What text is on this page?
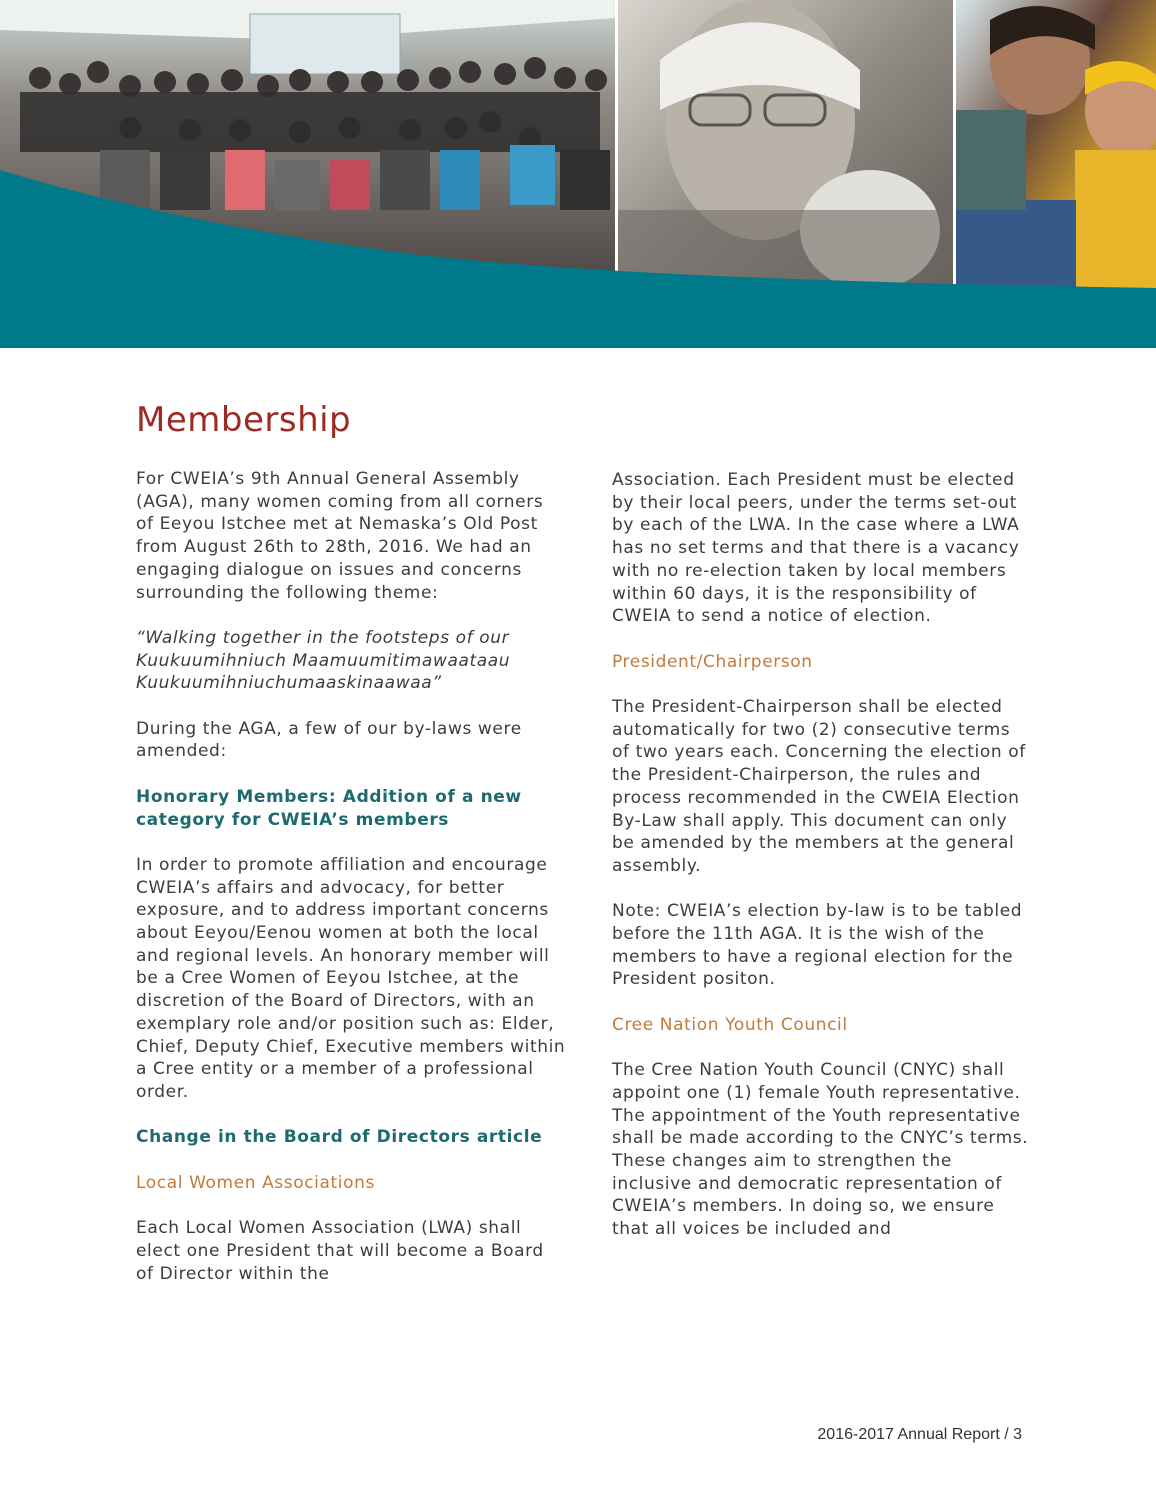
Membership

For CWEIA’s 9th Annual General Assembly (AGA), many women coming from all corners of Eeyou Istchee met at Nemaska’s Old Post from August 26th to 28th, 2016. We had an engaging dialogue on issues and concerns surrounding the following theme:

“Walking together in the footsteps of our Kuukuumihniuch Maamuumitimawaataau Kuukuumihniuchumaaskinaawaa”

During the AGA, a few of our by-laws were amended:

Honorary Members: Addition of a new category for CWEIA’s members

In order to promote affiliation and encourage CWEIA’s affairs and advocacy, for better exposure, and to address important concerns about Eeyou/Eenou women at both the local and regional levels. An honorary member will be a Cree Women of Eeyou Istchee, at the discretion of the Board of Directors, with an exemplary role and/or position such as: Elder, Chief, Deputy Chief, Executive members within a Cree entity or a member of a professional order.

Change in the Board of Directors article

Local Women Associations

Each Local Women Association (LWA) shall elect one President that will become a Board of Director within the

Association. Each President must be elected by their local peers, under the terms set-out by each of the LWA. In the case where a LWA has no set terms and that there is a vacancy with no re-election taken by local members within 60 days, it is the responsibility of CWEIA to send a notice of election.

President/Chairperson

The President-Chairperson shall be elected automatically for two (2) consecutive terms of two years each. Concerning the election of the President-Chairperson, the rules and process recommended in the CWEIA Election By-Law shall apply. This document can only be amended by the members at the general assembly.

Note: CWEIA’s election by-law is to be tabled before the 11th AGA. It is the wish of the members to have a regional election for the President positon.

Cree Nation Youth Council

The Cree Nation Youth Council (CNYC) shall appoint one (1) female Youth representative. The appointment of the Youth representative shall be made according to the CNYC’s terms.

These changes aim to strengthen the inclusive and democratic representation of CWEIA’s members. In doing so, we ensure that all voices be included and

2016-2017 Annual Report / 3
